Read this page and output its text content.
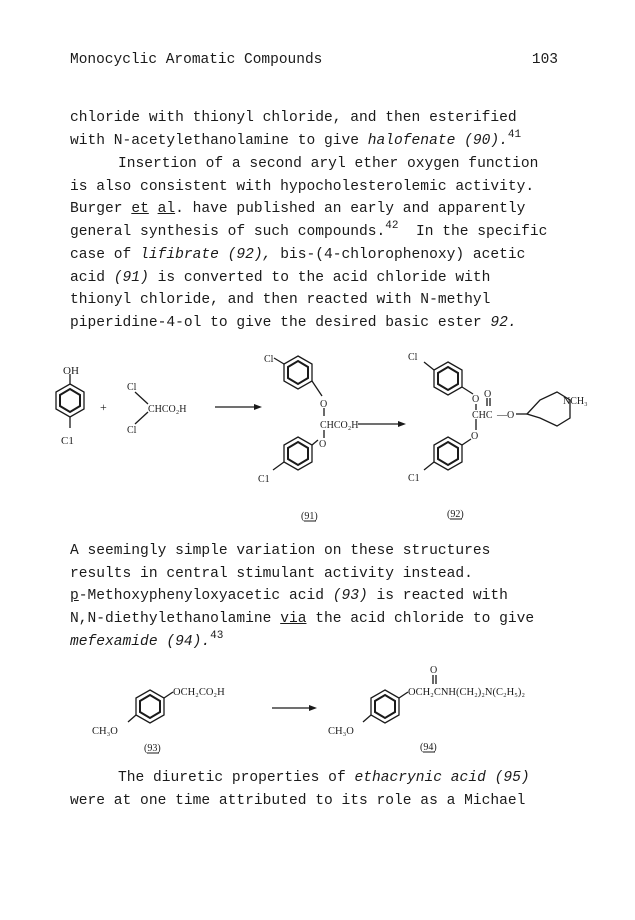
Monocyclic Aromatic Compounds	103

chloride with thionyl chloride, and then esterified
with N-acetylethanolamine to give halofenate (90).$^{41}$

Insertion of a second aryl ether oxygen function
is also consistent with hypocholesterolemic activity.
Burger et al. have published an early and apparently
general synthesis of such compounds.$^{42}$  In the specific
case of lifibrate (92), bis-(4-chlorophenoxy) acetic
acid (91) is converted to the acid chloride with
thionyl chloride, and then reacted with N-methyl
piperidine-4-ol to give the desired basic ester 92.

OH
C1
+
Cl
CHCO₂H
Cl
Cl
O
CHCO₂H
O
C1
(91)
Cl
O O
CHC —O
NCH₃
O
C1
(92)

A seemingly simple variation on these structures
results in central stimulant activity instead.
p-Methoxyphenyloxyacetic acid (93) is reacted with
N,N-diethylethanolamine via the acid chloride to give
mefexamide (94).$^{43}$

OCH₂CO₂H
CH₃O
(93)
O
OCH₂CNH(CH₂)₂N(C₂H₅)₂
CH₃O
(94)

The diuretic properties of ethacrynic acid (95)
were at one time attributed to its role as a Michael
